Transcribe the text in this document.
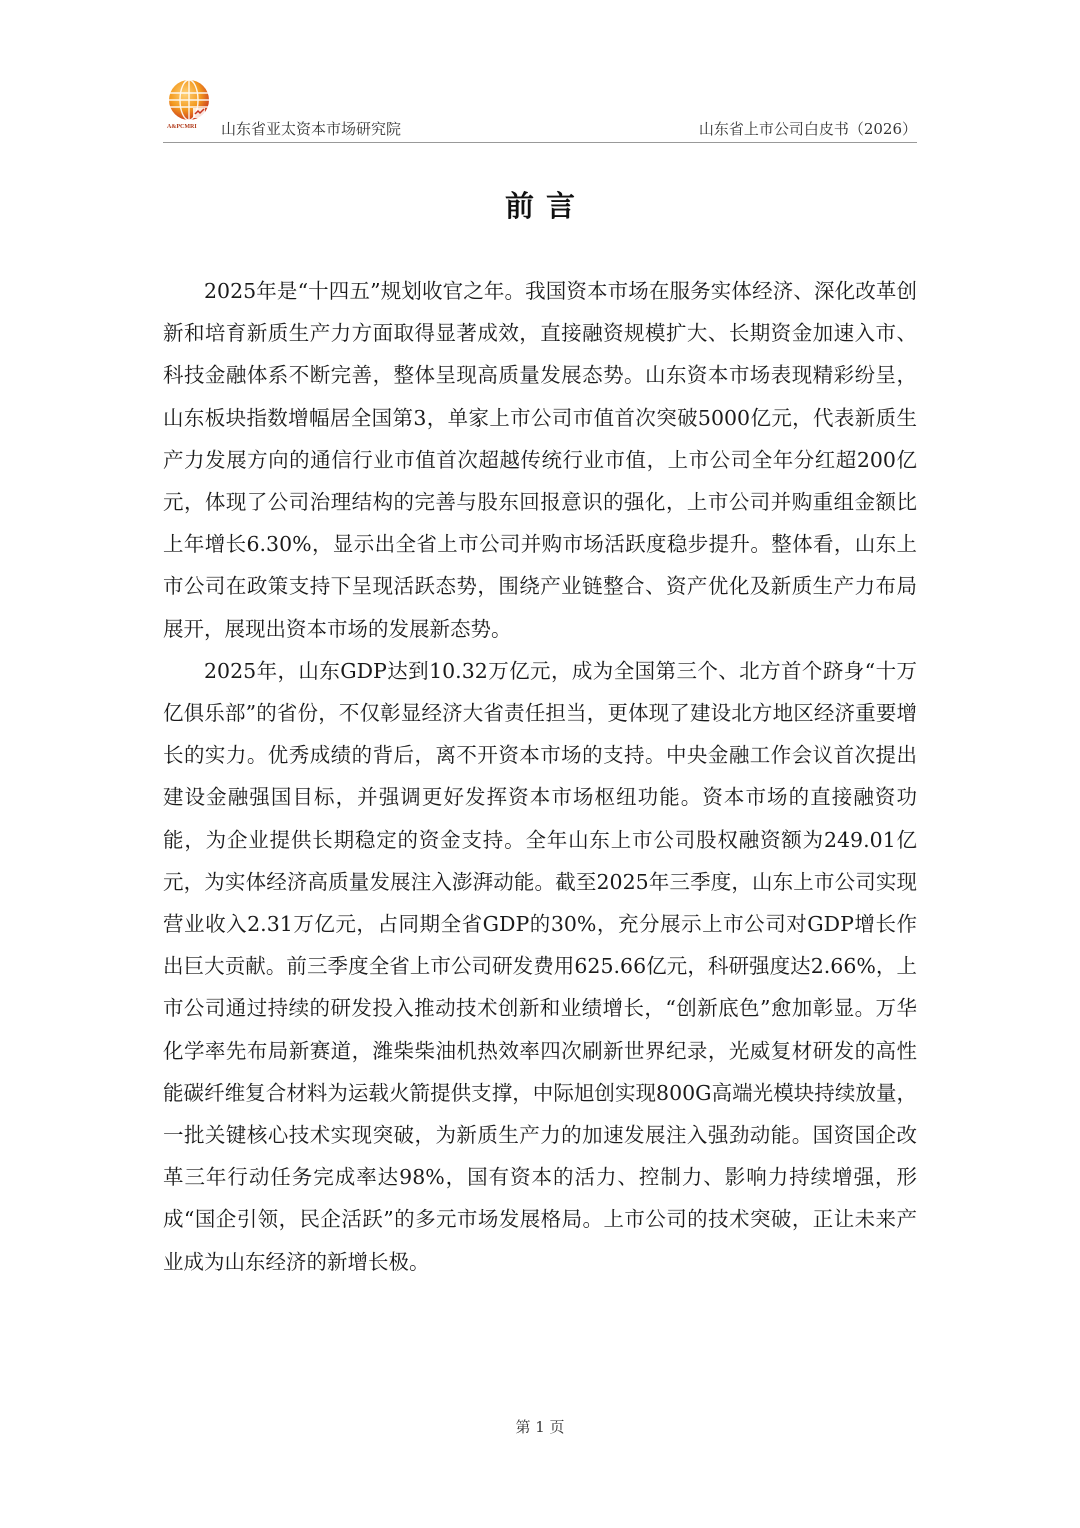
A&PCMRI 山东省亚太资本市场研究院	山东省上市公司白皮书（2026）
前言

2025年是“十四五”规划收官之年。我国资本市场在服务实体经济、深化改革创新和培育新质生产力方面取得显著成效，直接融资规模扩大、长期资金加速入市、科技金融体系不断完善，整体呈现高质量发展态势。山东资本市场表现精彩纷呈，山东板块指数增幅居全国第3，单家上市公司市值首次突破5000亿元，代表新质生产力发展方向的通信行业市值首次超越传统行业市值，上市公司全年分红超200亿元，体现了公司治理结构的完善与股东回报意识的强化，上市公司并购重组金额比上年增长6.30%，显示出全省上市公司并购市场活跃度稳步提升。整体看，山东上市公司在政策支持下呈现活跃态势，围绕产业链整合、资产优化及新质生产力布局展开，展现出资本市场的发展新态势。

2025年，山东GDP达到10.32万亿元，成为全国第三个、北方首个跻身“十万亿俱乐部”的省份，不仅彰显经济大省责任担当，更体现了建设北方地区经济重要增长的实力。优秀成绩的背后，离不开资本市场的支持。中央金融工作会议首次提出建设金融强国目标，并强调更好发挥资本市场枢纽功能。资本市场的直接融资功能，为企业提供长期稳定的资金支持。全年山东上市公司股权融资额为249.01亿元，为实体经济高质量发展注入澎湃动能。截至2025年三季度，山东上市公司实现营业收入2.31万亿元，占同期全省GDP的30%，充分展示上市公司对GDP增长作出巨大贡献。前三季度全省上市公司研发费用625.66亿元，科研强度达2.66%，上市公司通过持续的研发投入推动技术创新和业绩增长，“创新底色”愈加彰显。万华化学率先布局新赛道，潍柴柴油机热效率四次刷新世界纪录，光威复材研发的高性能碳纤维复合材料为运载火箭提供支撑，中际旭创实现800G高端光模块持续放量，一批关键核心技术实现突破，为新质生产力的加速发展注入强劲动能。国资国企改革三年行动任务完成率达98%，国有资本的活力、控制力、影响力持续增强，形成“国企引领，民企活跃”的多元市场发展格局。上市公司的技术突破，正让未来产业成为山东经济的新增长极。

第 1 页
